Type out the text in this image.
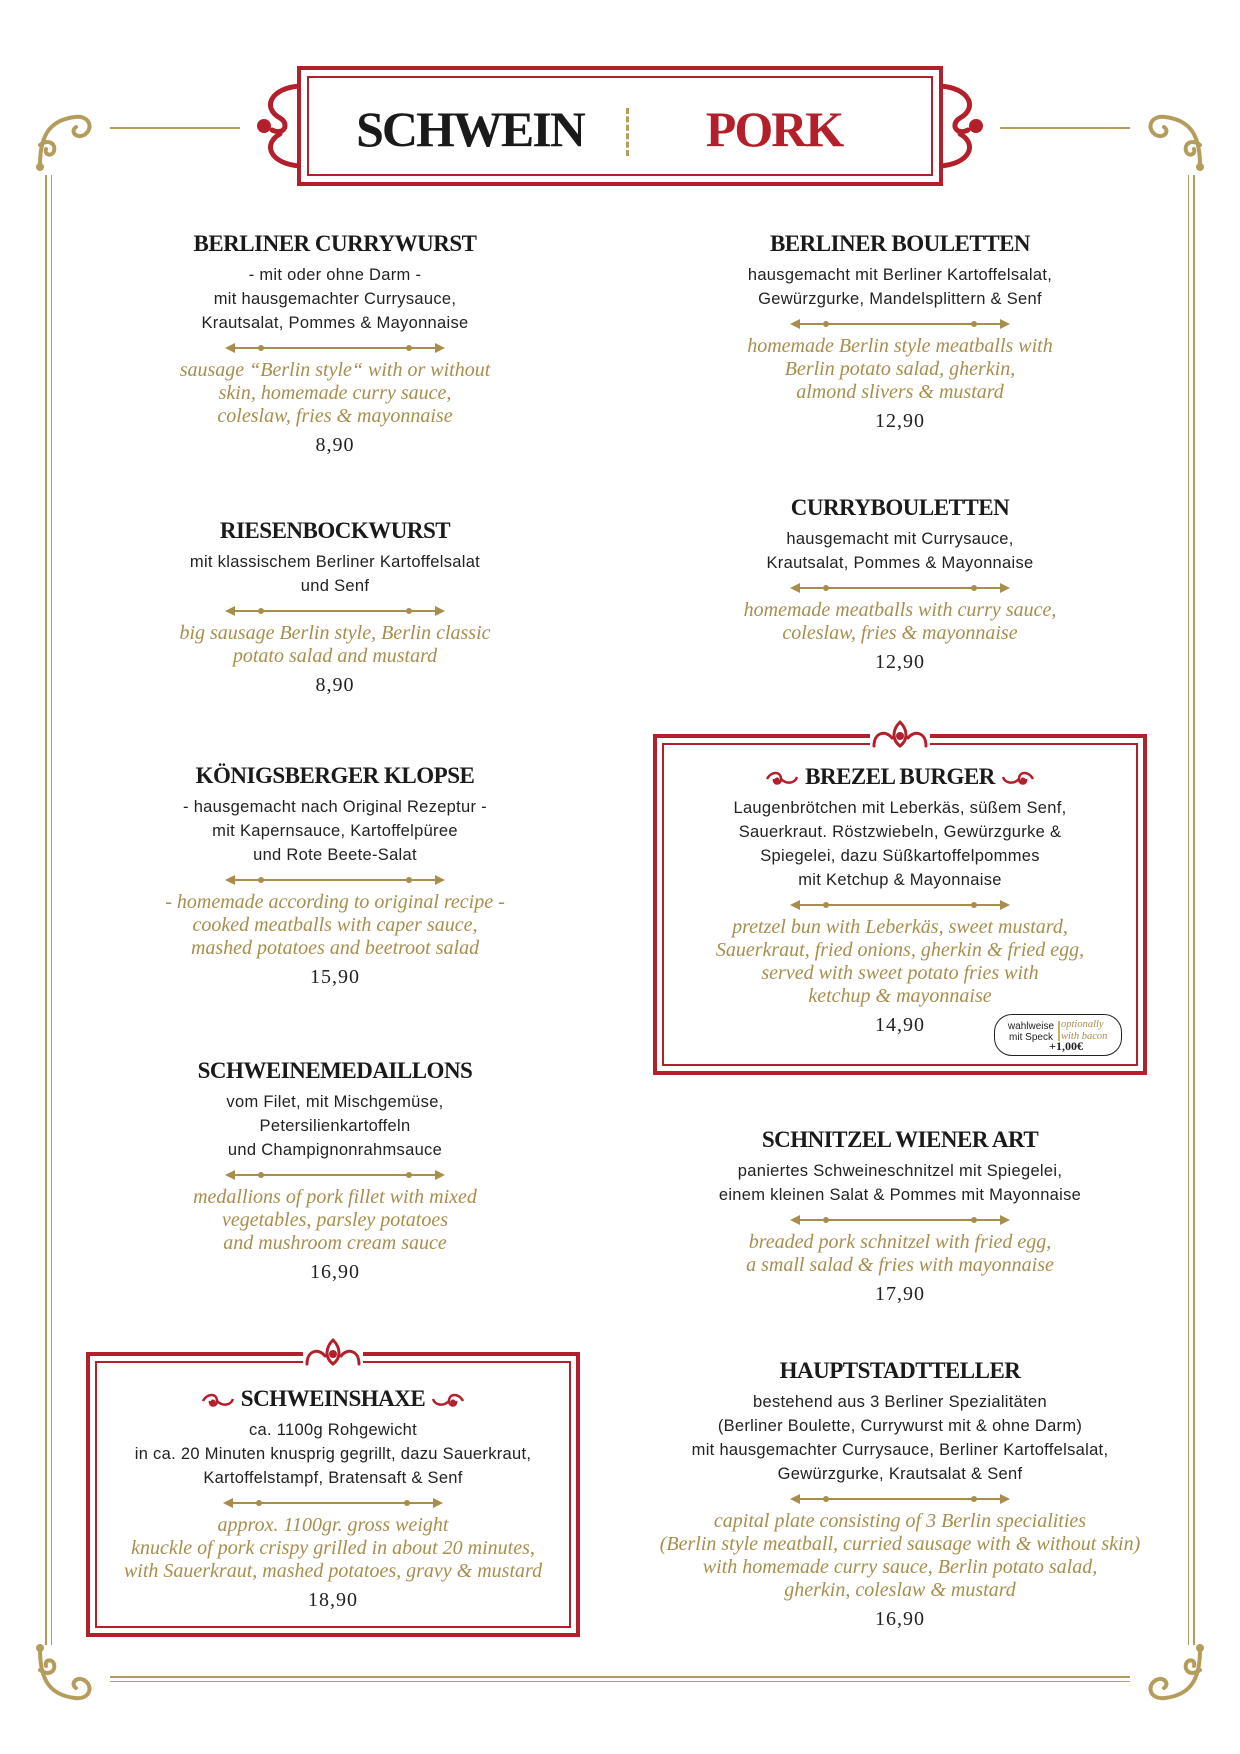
SCHWEIN	PORK
BERLINER CURRYWURST
- mit oder ohne Darm -
mit hausgemachter Currysauce,
Krautsalat, Pommes & Mayonnaise
sausage “Berlin style“ with or without
skin, homemade curry sauce,
coleslaw, fries & mayonnaise
8,90
RIESENBOCKWURST
mit klassischem Berliner Kartoffelsalat
und Senf
big sausage Berlin style, Berlin classic
potato salad and mustard
8,90
KÖNIGSBERGER KLOPSE
- hausgemacht nach Original Rezeptur -
mit Kapernsauce, Kartoffelpüree
und Rote Beete-Salat
- homemade according to original recipe -
cooked meatballs with caper sauce,
mashed potatoes and beetroot salad
15,90
SCHWEINEMEDAILLONS
vom Filet, mit Mischgemüse,
Petersilienkartoffeln
und Champignonrahmsauce
medallions of pork fillet with mixed
vegetables, parsley potatoes
and mushroom cream sauce
16,90
SCHWEINSHAXE
ca. 1100g Rohgewicht
in ca. 20 Minuten knusprig gegrillt, dazu Sauerkraut,
Kartoffelstampf, Bratensaft & Senf
approx. 1100gr. gross weight
knuckle of pork crispy grilled in about 20 minutes,
with Sauerkraut, mashed potatoes, gravy & mustard
18,90
BERLINER BOULETTEN
hausgemacht mit Berliner Kartoffelsalat,
Gewürzgurke, Mandelsplittern & Senf
homemade Berlin style meatballs with
Berlin potato salad, gherkin,
almond slivers & mustard
12,90
CURRYBOULETTEN
hausgemacht mit Currysauce,
Krautsalat, Pommes & Mayonnaise
homemade meatballs with curry sauce,
coleslaw, fries & mayonnaise
12,90
BREZEL BURGER
Laugenbrötchen mit Leberkäs, süßem Senf,
Sauerkraut. Röstzwiebeln, Gewürzgurke &
Spiegelei, dazu Süßkartoffelpommes
mit Ketchup & Mayonnaise
pretzel bun with Leberkäs, sweet mustard,
Sauerkraut, fried onions, gherkin & fried egg,
served with sweet potato fries with
ketchup & mayonnaise
14,90	wahlweise
mit Speck
optionally
with bacon
+1,00€
SCHNITZEL WIENER ART
paniertes Schweineschnitzel mit Spiegelei,
einem kleinen Salat & Pommes mit Mayonnaise
breaded pork schnitzel with fried egg,
a small salad & fries with mayonnaise
17,90
HAUPTSTADTTELLER
bestehend aus 3 Berliner Spezialitäten
(Berliner Boulette, Currywurst mit & ohne Darm)
mit hausgemachter Currysauce, Berliner Kartoffelsalat,
Gewürzgurke, Krautsalat & Senf
capital plate consisting of 3 Berlin specialities
(Berlin style meatball, curried sausage with & without skin)
with homemade curry sauce, Berlin potato salad,
gherkin, coleslaw & mustard
16,90
